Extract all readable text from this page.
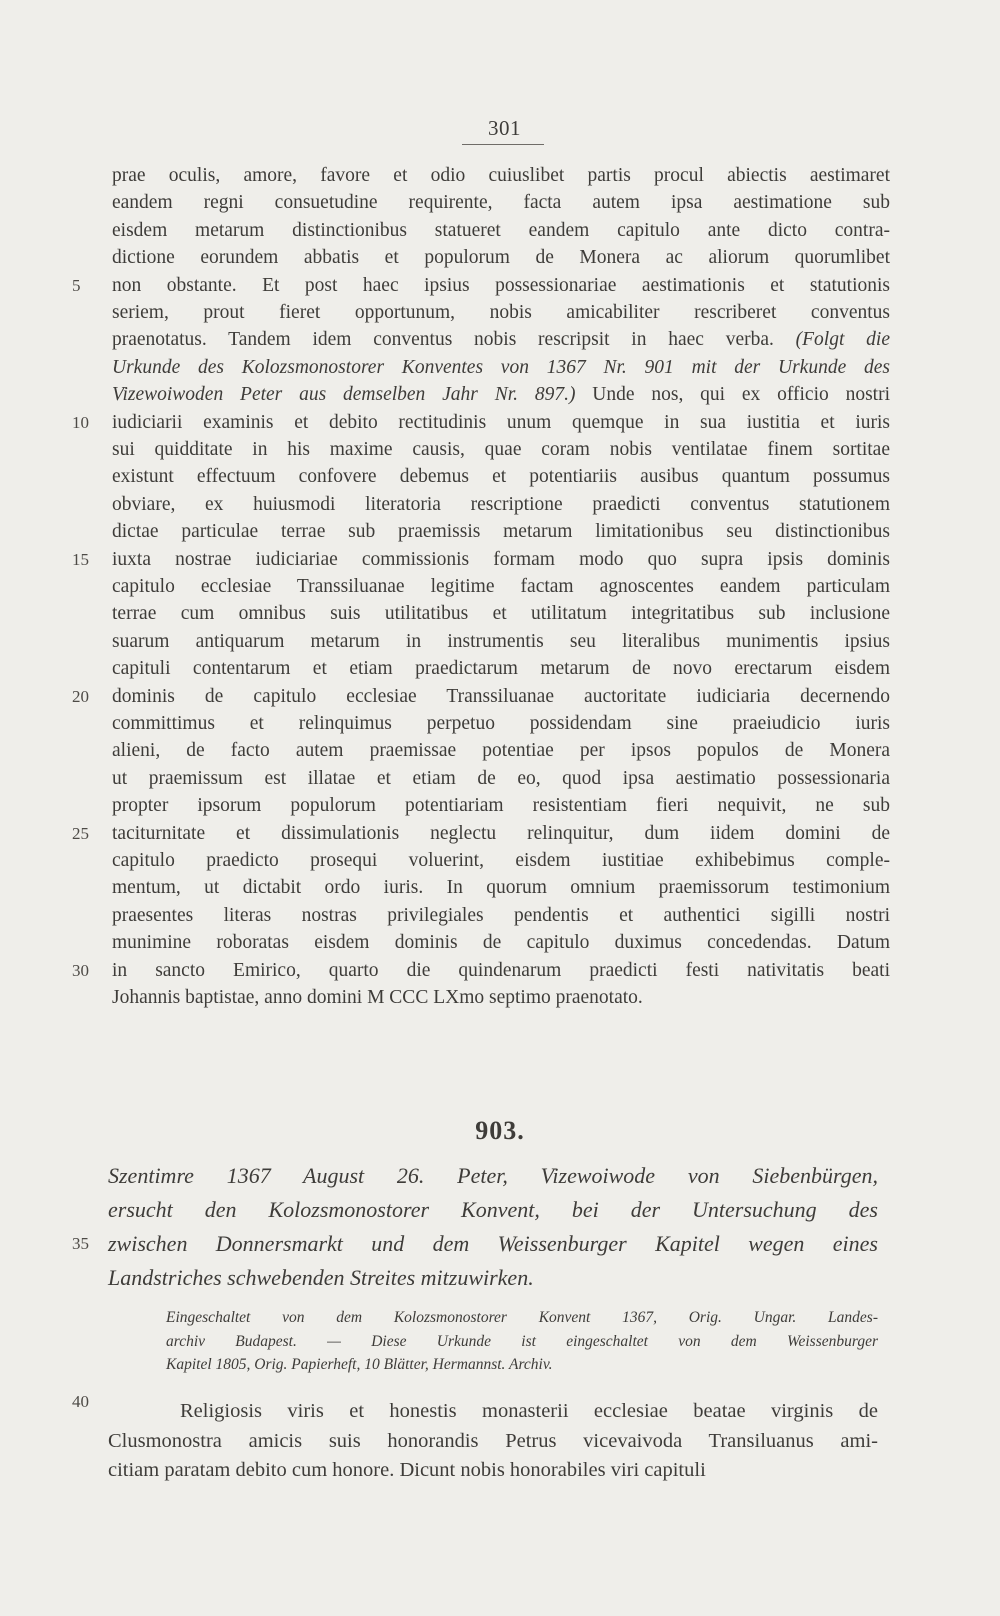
301
prae oculis, amore, favore et odio cuiuslibet partis procul abiectis aestimaret
eandem regni consuetudine requirente, facta autem ipsa aestimatione sub
eisdem metarum distinctionibus statueret eandem capitulo ante dicto contra-
dictione eorundem abbatis et populorum de Monera ac aliorum quorumlibet
non obstante. Et post haec ipsius possessionariae aestimationis et statutionis
seriem, prout fieret opportunum, nobis amicabiliter rescriberet conventus
praenotatus. Tandem idem conventus nobis rescripsit in haec verba. (Folgt die
Urkunde des Kolozsmonostorer Konventes von 1367 Nr. 901 mit der Urkunde des
Vizewoiwoden Peter aus demselben Jahr Nr. 897.) Unde nos, qui ex officio nostri
iudiciarii examinis et debito rectitudinis unum quemque in sua iustitia et iuris
sui quidditate in his maxime causis, quae coram nobis ventilatae finem sortitae
existunt effectuum confovere debemus et potentiariis ausibus quantum possumus
obviare, ex huiusmodi literatoria rescriptione praedicti conventus statutionem
dictae particulae terrae sub praemissis metarum limitationibus seu distinctionibus
iuxta nostrae iudiciariae commissionis formam modo quo supra ipsis dominis
capitulo ecclesiae Transsiluanae legitime factam agnoscentes eandem particulam
terrae cum omnibus suis utilitatibus et utilitatum integritatibus sub inclusione
suarum antiquarum metarum in instrumentis seu literalibus munimentis ipsius
capituli contentarum et etiam praedictarum metarum de novo erectarum eisdem
dominis de capitulo ecclesiae Transsiluanae auctoritate iudiciaria decernendo
committimus et relinquimus perpetuo possidendam sine praeiudicio iuris
alieni, de facto autem praemissae potentiae per ipsos populos de Monera
ut praemissum est illatae et etiam de eo, quod ipsa aestimatio possessionaria
propter ipsorum populorum potentiariam resistentiam fieri nequivit, ne sub
taciturnitate et dissimulationis neglectu relinquitur, dum iidem domini de
capitulo praedicto prosequi voluerint, eisdem iustitiae exhibebimus comple-
mentum, ut dictabit ordo iuris. In quorum omnium praemissorum testimonium
praesentes literas nostras privilegiales pendentis et authentici sigilli nostri
munimine roboratas eisdem dominis de capitulo duximus concedendas. Datum
in sancto Emirico, quarto die quindenarum praedicti festi nativitatis beati
Johannis baptistae, anno domini M CCC LXmo septimo praenotato.
5
10
15
20
25
30
903.
Szentimre 1367 August 26. Peter, Vizewoiwode von Siebenbürgen,
ersucht den Kolozsmonostorer Konvent, bei der Untersuchung des
zwischen Donnersmarkt und dem Weissenburger Kapitel wegen eines
Landstriches schwebenden Streites mitzuwirken.
35
Eingeschaltet von dem Kolozsmonostorer Konvent 1367, Orig. Ungar. Landes-
archiv Budapest. — Diese Urkunde ist eingeschaltet von dem Weissenburger
Kapitel 1805, Orig. Papierheft, 10 Blätter, Hermannst. Archiv.
Religiosis viris et honestis monasterii ecclesiae beatae virginis de
Clusmonostra amicis suis honorandis Petrus vicevaivoda Transiluanus ami-
citiam paratam debito cum honore. Dicunt nobis honorabiles viri capituli
40
